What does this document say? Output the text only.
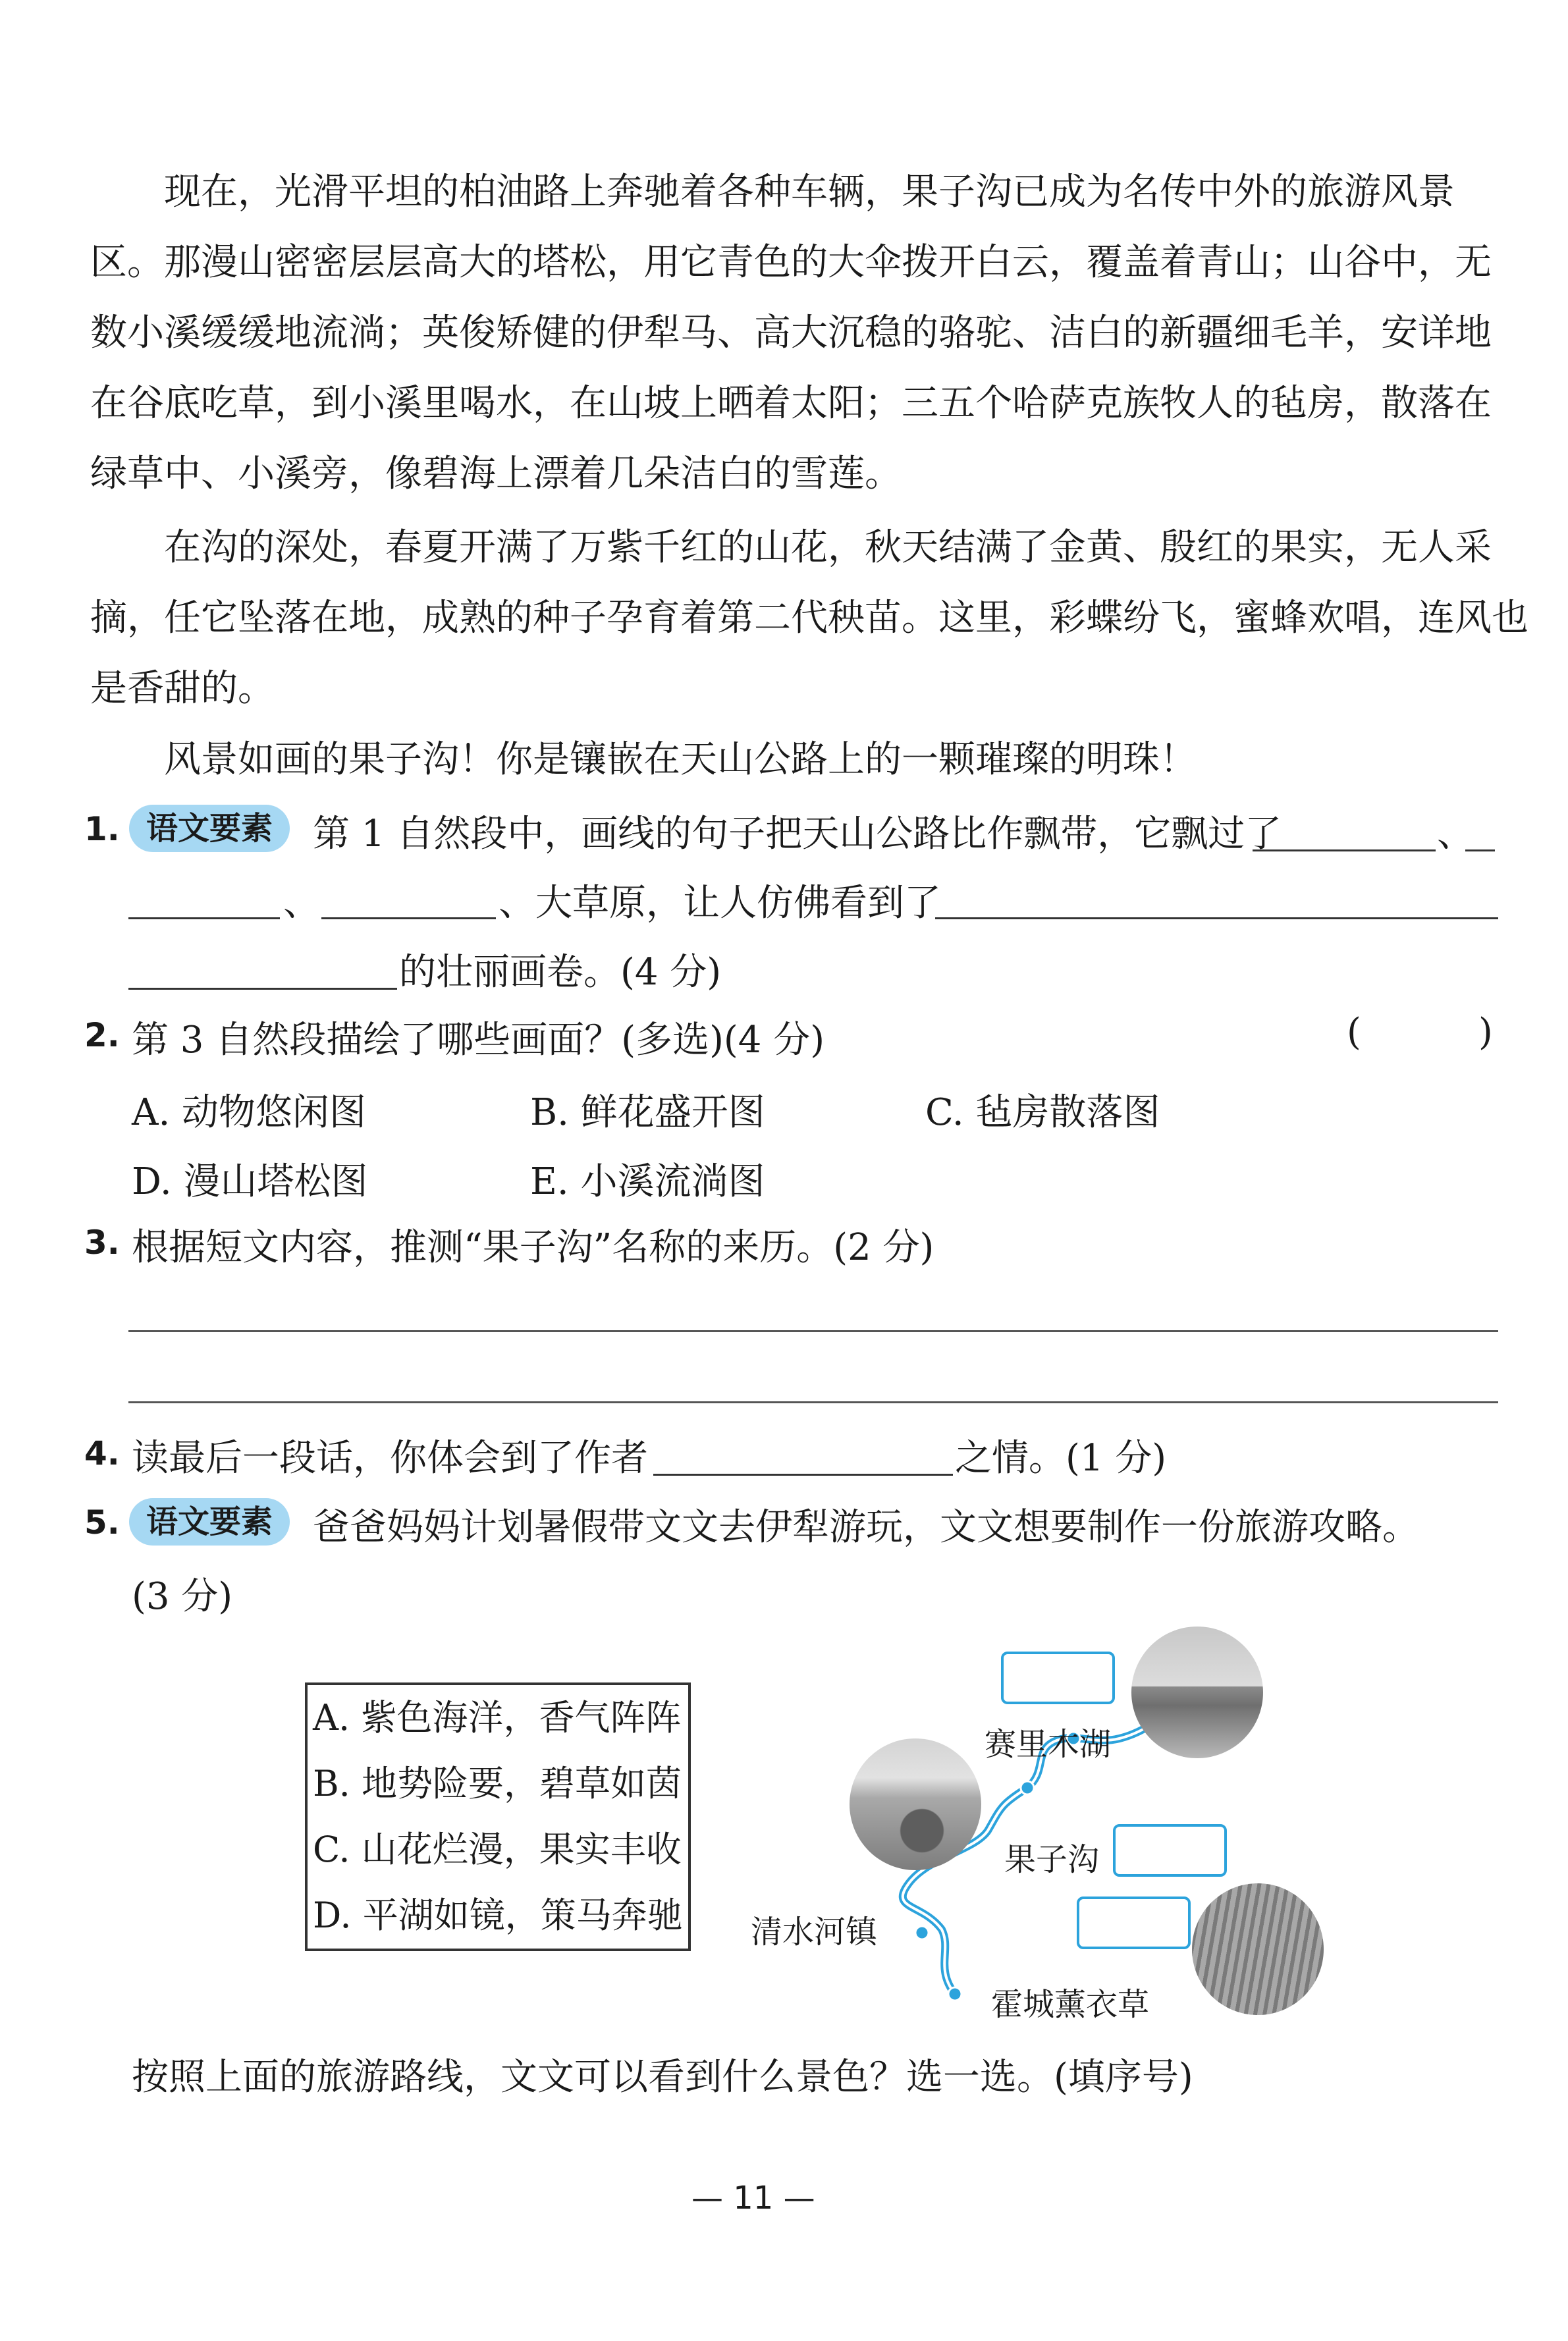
现在，光滑平坦的柏油路上奔驰着各种车辆，果子沟已成为名传中外的旅游风景
区。那漫山密密层层高大的塔松，用它青色的大伞拨开白云，覆盖着青山；山谷中，无
数小溪缓缓地流淌；英俊矫健的伊犁马、高大沉稳的骆驼、洁白的新疆细毛羊，安详地
在谷底吃草，到小溪里喝水，在山坡上晒着太阳；三五个哈萨克族牧人的毡房，散落在
绿草中、小溪旁，像碧海上漂着几朵洁白的雪莲。
在沟的深处，春夏开满了万紫千红的山花，秋天结满了金黄、殷红的果实，无人采
摘，任它坠落在地，成熟的种子孕育着第二代秧苗。这里，彩蝶纷飞，蜜蜂欢唱，连风也
是香甜的。
风景如画的果子沟！你是镶嵌在天山公路上的一颗璀璨的明珠！
1. 语文要素	第 1 自然段中，画线的句子把天山公路比作飘带，它飘过了	、
、	、大草原，让人仿佛看到了
的壮丽画卷。(4 分)
2. 第 3 自然段描绘了哪些画面？(多选)(4 分)	(	)
A. 动物悠闲图	B. 鲜花盛开图	C. 毡房散落图
D. 漫山塔松图	E. 小溪流淌图
3. 根据短文内容，推测“果子沟”名称的来历。(2 分)
4. 读最后一段话，你体会到了作者	之情。(1 分)
5. 语文要素	爸爸妈妈计划暑假带文文去伊犁游玩，文文想要制作一份旅游攻略。
(3 分)
A. 紫色海洋，香气阵阵
B. 地势险要，碧草如茵
C. 山花烂漫，果实丰收
D. 平湖如镜，策马奔驰
赛里木湖
果子沟
清水河镇
霍城薰衣草
按照上面的旅游路线，文文可以看到什么景色？选一选。(填序号)
— 11 —
